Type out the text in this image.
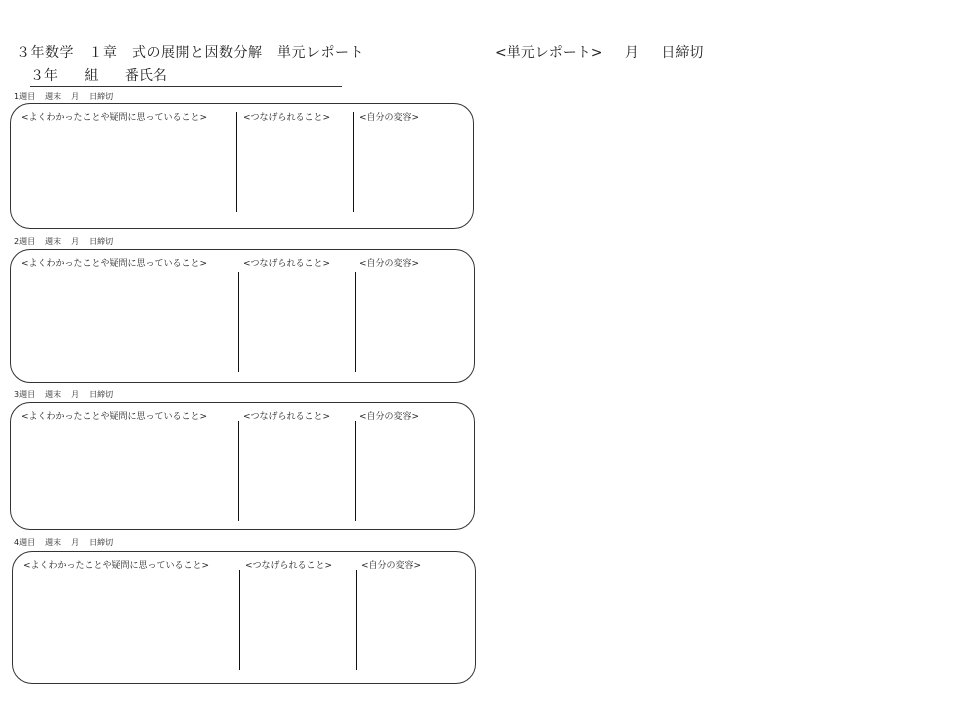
３年数学　１章　式の展開と因数分解　単元レポート	<単元レポート> 月 日締切
３年 組 番氏名
1週目 週末 月 日締切
<よくわかったことや疑問に思っていること>	<つなげられること>	<自分の変容>
2週目 週末 月 日締切
<よくわかったことや疑問に思っていること>	<つなげられること>	<自分の変容>
3週目 週末 月 日締切
<よくわかったことや疑問に思っていること>	<つなげられること>	<自分の変容>
4週目 週末 月 日締切
<よくわかったことや疑問に思っていること>	<つなげられること>	<自分の変容>
